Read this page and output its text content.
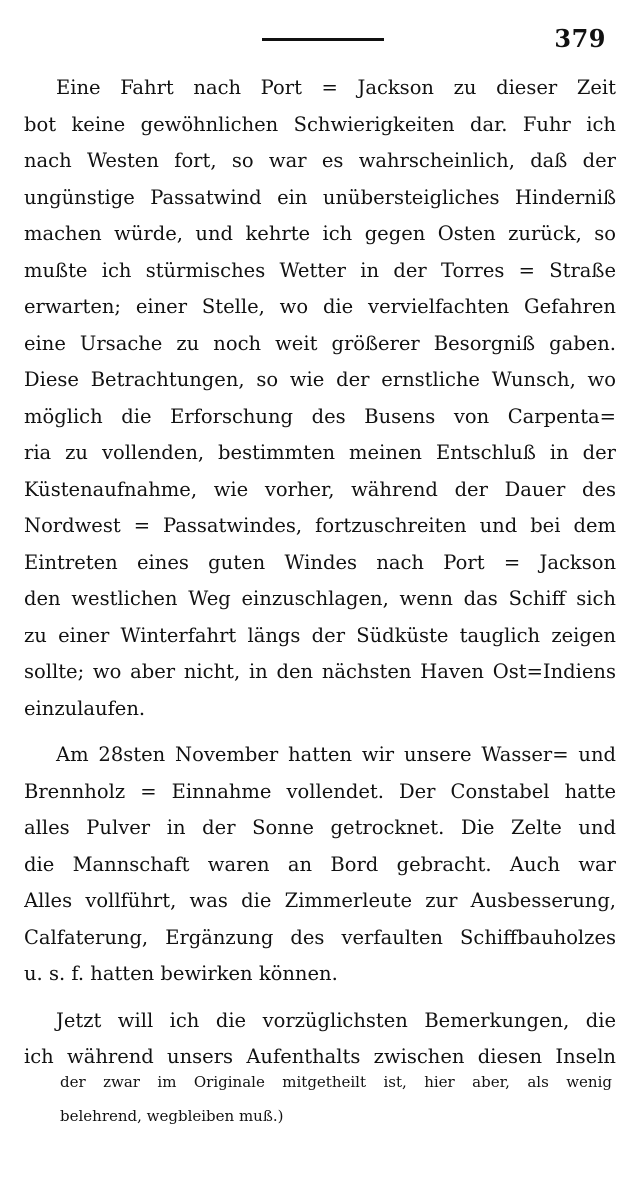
379
Eine Fahrt nach Port = Jackson zu dieser Zeit
bot keine gewöhnlichen Schwierigkeiten dar. Fuhr ich
nach Westen fort, so war es wahrscheinlich, daß der
ungünstige Passatwind ein unübersteigliches Hinderniß
machen würde, und kehrte ich gegen Osten zurück, so
mußte ich stürmisches Wetter in der Torres = Straße
erwarten; einer Stelle, wo die vervielfachten Gefahren
eine Ursache zu noch weit größerer Besorgniß gaben.
Diese Betrachtungen, so wie der ernstliche Wunsch, wo
möglich die Erforschung des Busens von Carpenta=
ria zu vollenden, bestimmten meinen Entschluß in der
Küstenaufnahme, wie vorher, während der Dauer des
Nordwest = Passatwindes, fortzuschreiten und bei dem
Eintreten eines guten Windes nach Port = Jackson
den westlichen Weg einzuschlagen, wenn das Schiff sich
zu einer Winterfahrt längs der Südküste tauglich zeigen
sollte; wo aber nicht, in den nächsten Haven Ost=Indiens
einzulaufen.
Am 28sten November hatten wir unsere Wasser= und
Brennholz = Einnahme vollendet. Der Constabel hatte
alles Pulver in der Sonne getrocknet. Die Zelte und
die Mannschaft waren an Bord gebracht. Auch war
Alles vollführt, was die Zimmerleute zur Ausbesserung,
Calfaterung, Ergänzung des verfaulten Schiffbauholzes
u. s. f. hatten bewirken können.
Jetzt will ich die vorzüglichsten Bemerkungen, die
ich während unsers Aufenthalts zwischen diesen Inseln
der zwar im Originale mitgetheilt ist, hier aber, als wenig
belehrend, wegbleiben muß.)
